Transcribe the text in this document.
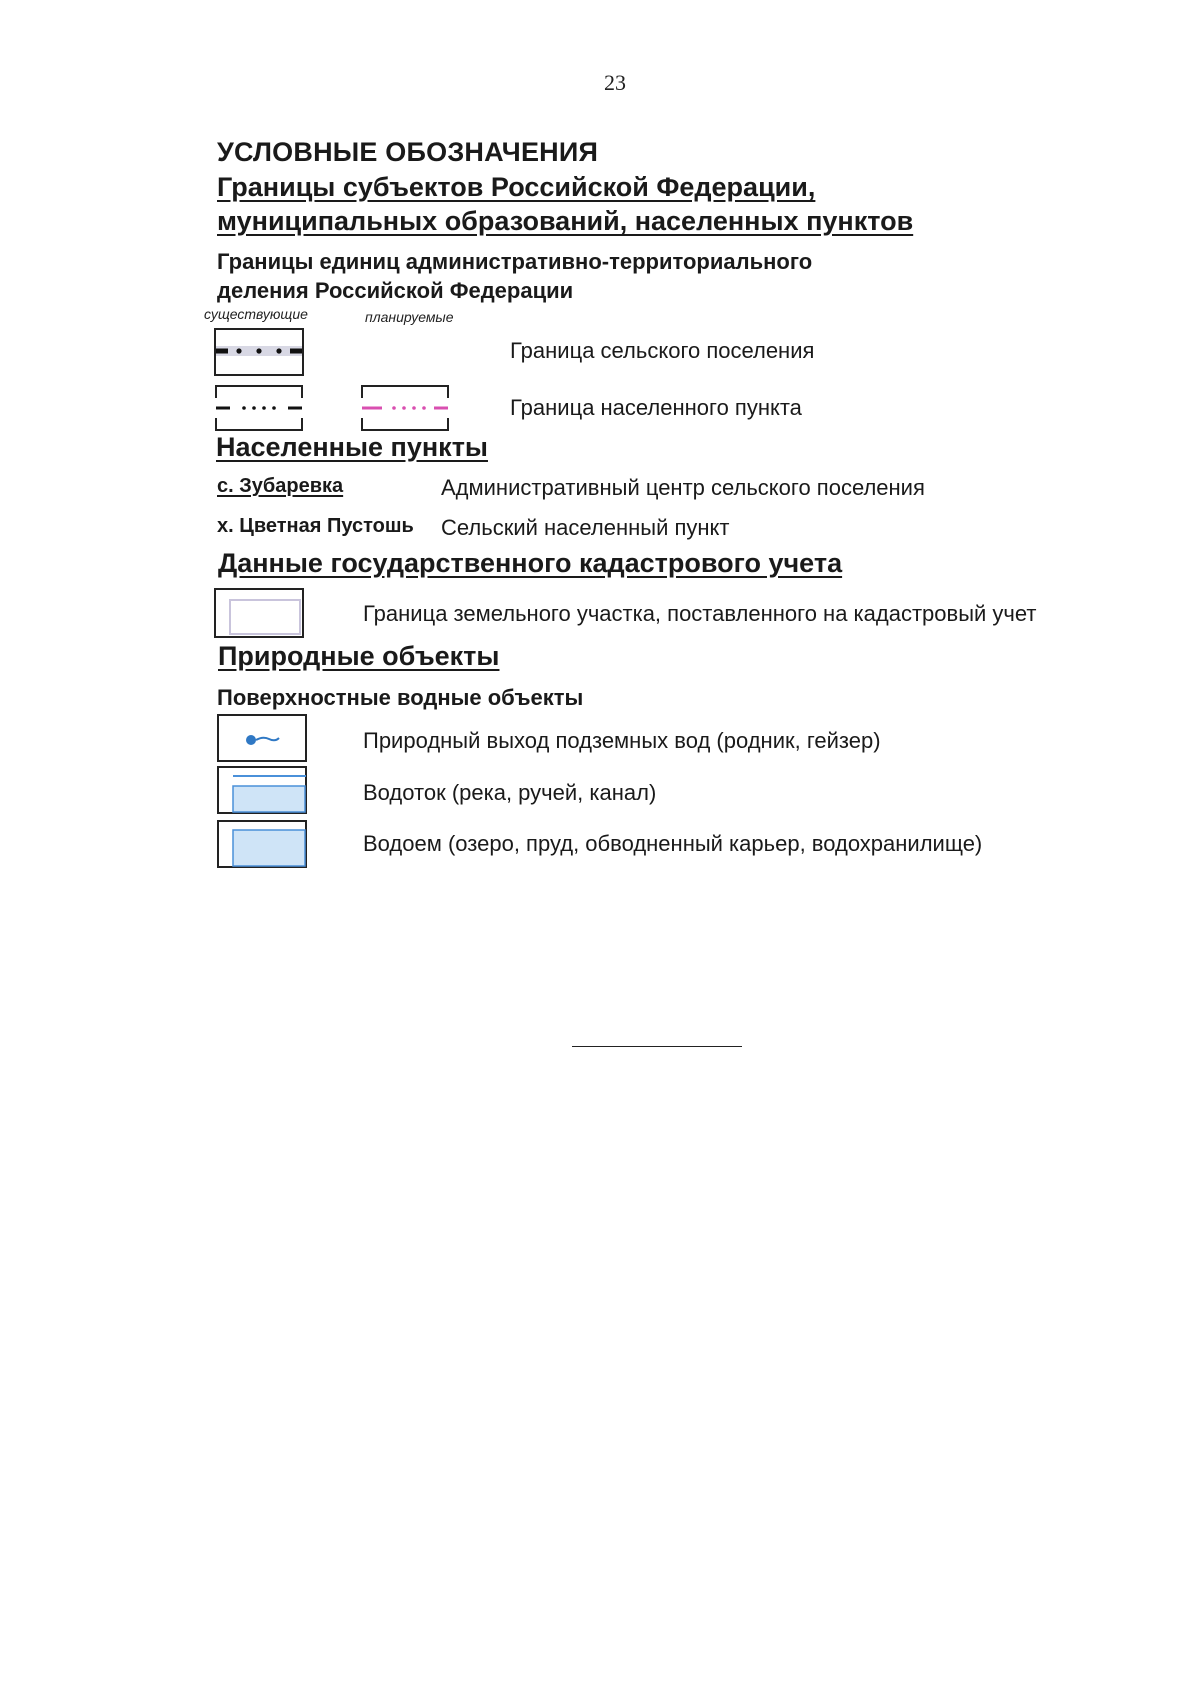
23
УСЛОВНЫЕ ОБОЗНАЧЕНИЯ
Границы субъектов Российской Федерации,
муниципальных образований, населенных пунктов
Границы единиц административно-территориального
деления Российской Федерации
существующие	планируемые
Граница сельского поселения
Граница населенного пункта
Населенные пункты
с. Зубаревка	Административный центр сельского поселения
х. Цветная Пустошь Сельский населенный пункт
Данные государственного кадастрового учета
Граница земельного участка, поставленного на кадастровый учет
Природные объекты
Поверхностные водные объекты
Природный выход подземных вод (родник, гейзер)
Водоток (река, ручей, канал)
Водоем (озеро, пруд, обводненный карьер, водохранилище)
